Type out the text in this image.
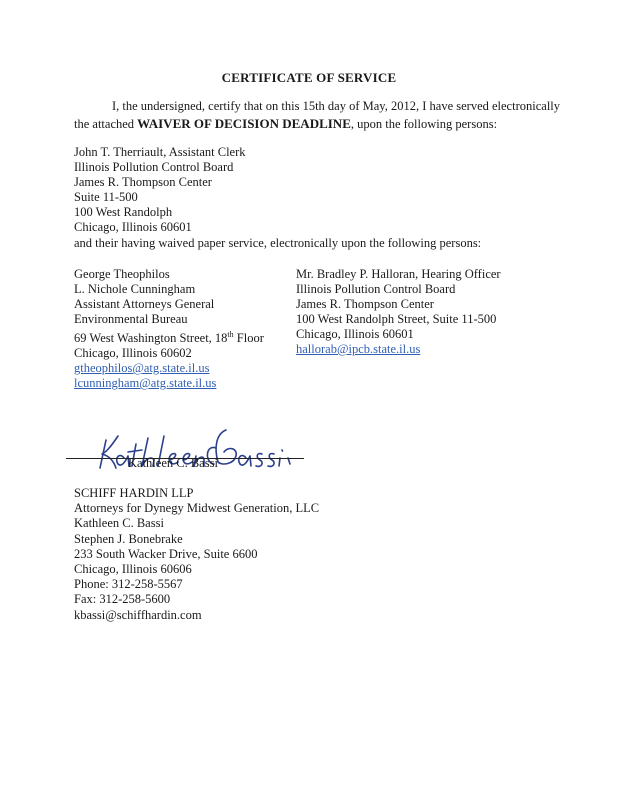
CERTIFICATE OF SERVICE
I, the undersigned, certify that on this 15th day of May, 2012, I have served electronically the attached WAIVER OF DECISION DEADLINE, upon the following persons:
John T. Therriault, Assistant Clerk
Illinois Pollution Control Board
James R. Thompson Center
Suite 11-500
100 West Randolph
Chicago, Illinois 60601
and their having waived paper service, electronically upon the following persons:
George Theophilos
L. Nichole Cunningham
Assistant Attorneys General
Environmental Bureau
69 West Washington Street, 18th Floor
Chicago, Illinois 60602
gtheophilos@atg.state.il.us
lcunningham@atg.state.il.us
Mr. Bradley P. Halloran, Hearing Officer
Illinois Pollution Control Board
James R. Thompson Center
100 West Randolph Street, Suite 11-500
Chicago, Illinois 60601
hallorab@ipcb.state.il.us
Kathleen C. Bassi
SCHIFF HARDIN LLP
Attorneys for Dynegy Midwest Generation, LLC
Kathleen C. Bassi
Stephen J. Bonebrake
233 South Wacker Drive, Suite 6600
Chicago, Illinois 60606
Phone: 312-258-5567
Fax: 312-258-5600
kbassi@schiffhardin.com
